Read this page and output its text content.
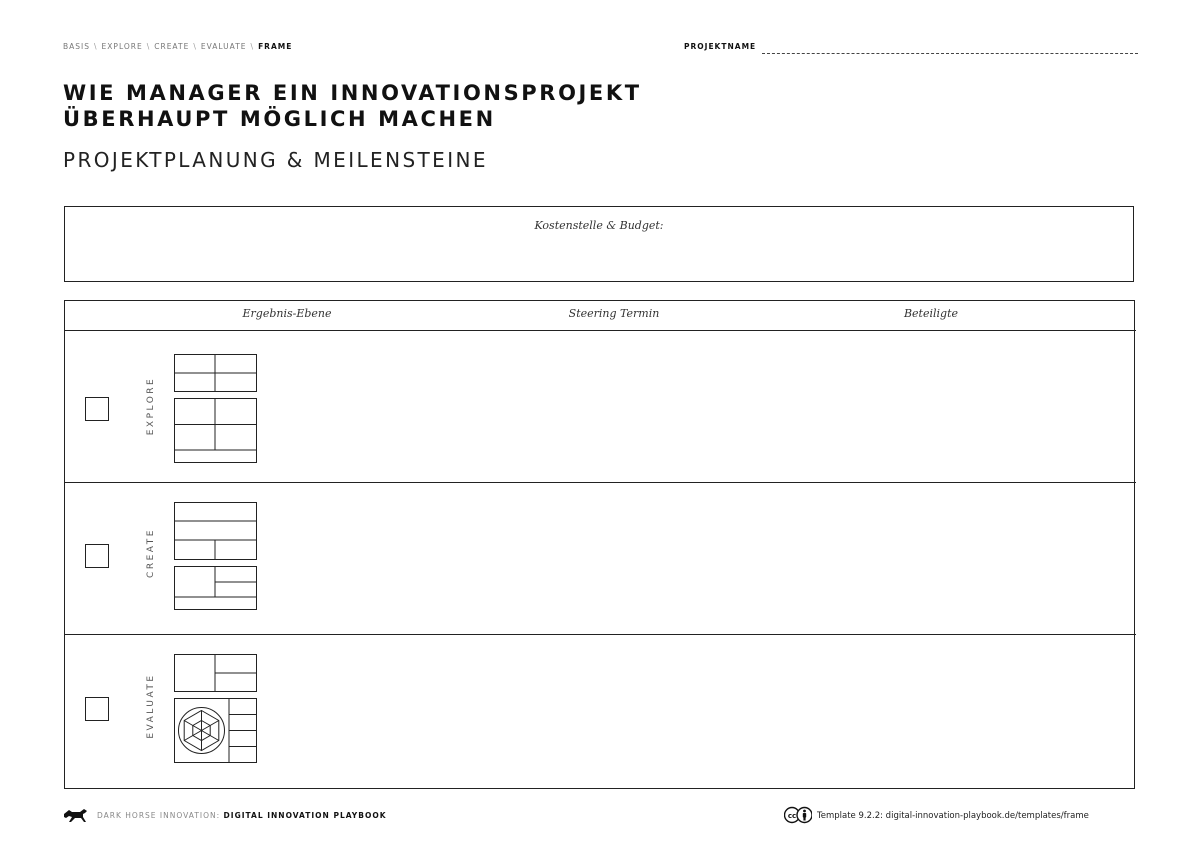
BASIS \ EXPLORE \ CREATE \ EVALUATE \ FRAME	PROJEKTNAME
WIE MANAGER EIN INNOVATIONSPROJEKT
ÜBERHAUPT MÖGLICH MACHEN
PROJEKTPLANUNG & MEILENSTEINE
Kostenstelle & Budget:
Ergebnis-Ebene	Steering Termin	Beteiligte
EXPLORE
CREATE
EVALUATE
DARK HORSE INNOVATION: DIGITAL INNOVATION PLAYBOOK	cc Template 9.2.2: digital-innovation-playbook.de/templates/frame
